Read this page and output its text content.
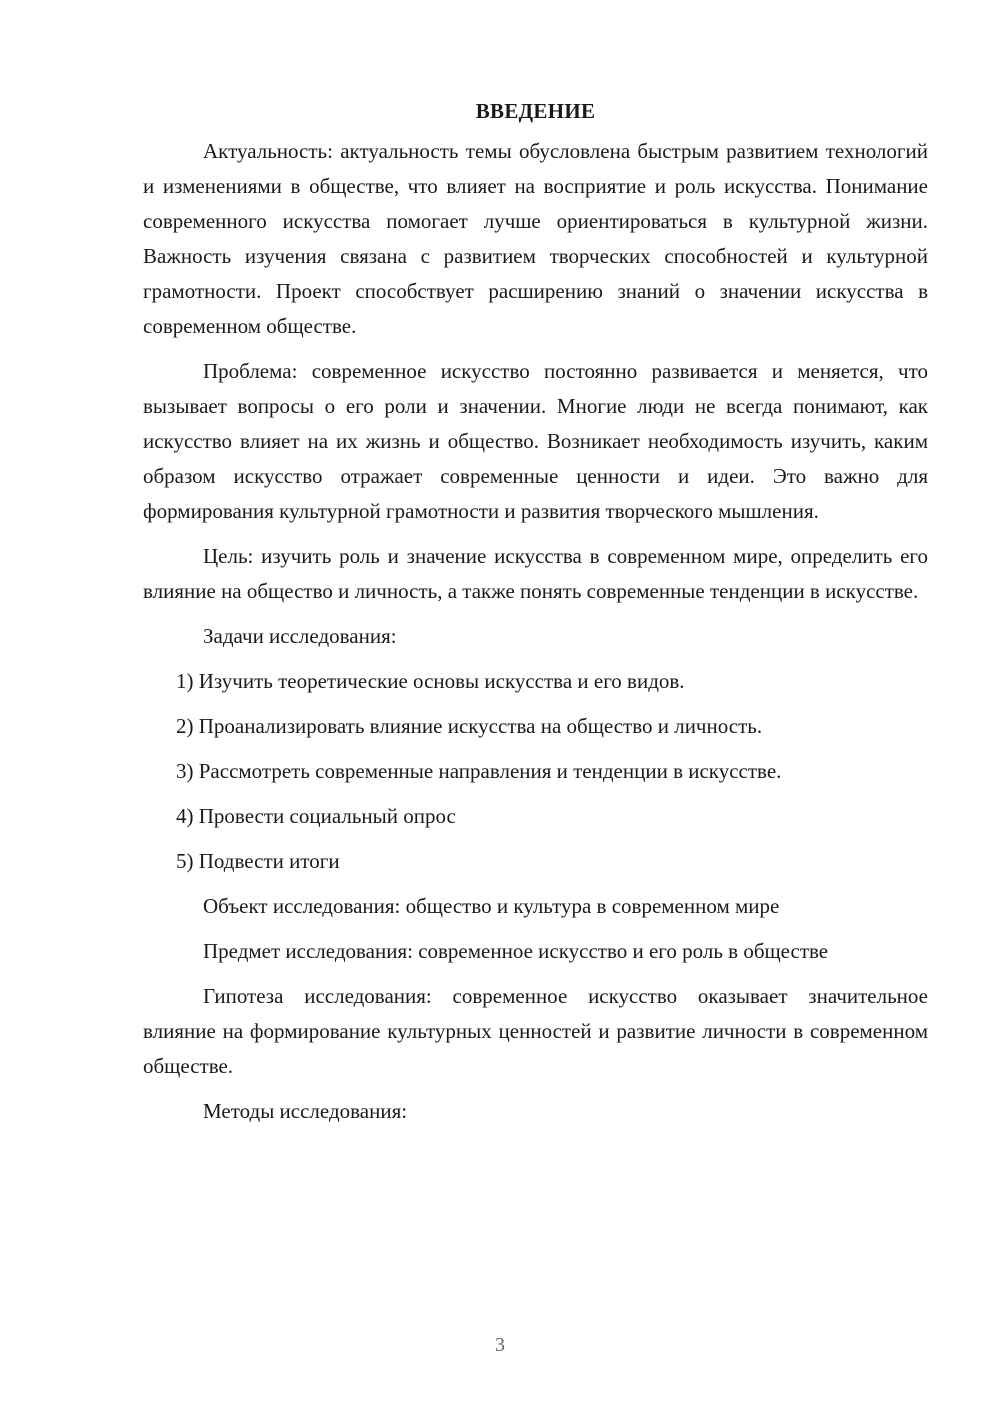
ВВЕДЕНИЕ

Актуальность: актуальность темы обусловлена быстрым развитием технологий и изменениями в обществе, что влияет на восприятие и роль искусства. Понимание современного искусства помогает лучше ориентироваться в культурной жизни. Важность изучения связана с развитием творческих способностей и культурной грамотности. Проект способствует расширению знаний о значении искусства в современном обществе.

Проблема: современное искусство постоянно развивается и меняется, что вызывает вопросы о его роли и значении. Многие люди не всегда понимают, как искусство влияет на их жизнь и общество. Возникает необходимость изучить, каким образом искусство отражает современные ценности и идеи. Это важно для формирования культурной грамотности и развития творческого мышления.

Цель: изучить роль и значение искусства в современном мире, определить его влияние на общество и личность, а также понять современные тенденции в искусстве.

Задачи исследования:

1) Изучить теоретические основы искусства и его видов.
2) Проанализировать влияние искусства на общество и личность.
3) Рассмотреть современные направления и тенденции в искусстве.
4) Провести социальный опрос
5) Подвести итоги

Объект исследования: общество и культура в современном мире

Предмет исследования: современное искусство и его роль в обществе

Гипотеза исследования: современное искусство оказывает значительное влияние на формирование культурных ценностей и развитие личности в современном обществе.

Методы исследования:

3
